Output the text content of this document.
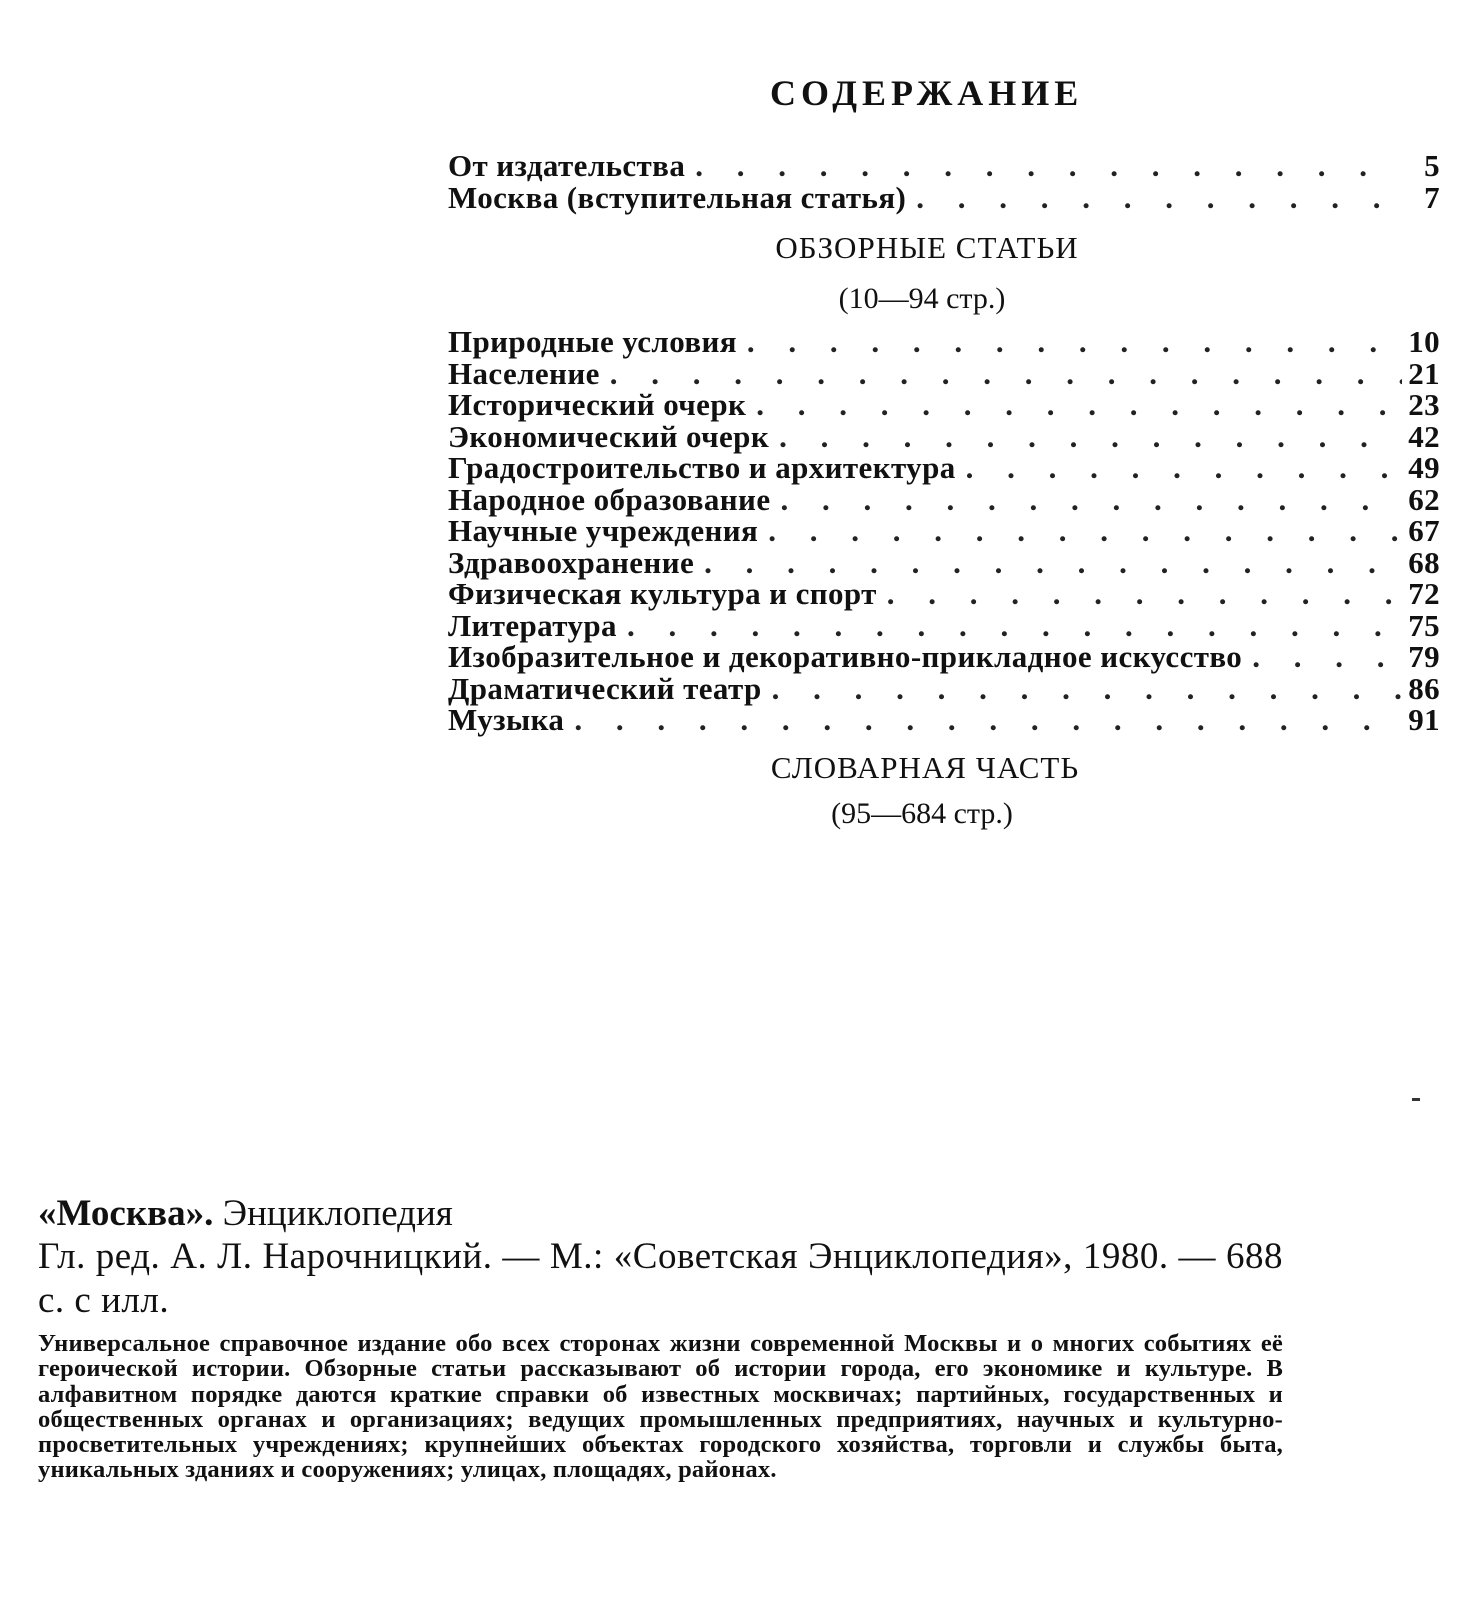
СОДЕРЖАНИЕ
От издательства . . .	5
Москва (вступительная статья) . . .	7
ОБЗОРНЫЕ СТАТЬИ
(10—94 стр.)
Природные условия . . .	10
Население . . .	21
Исторический очерк . . .	23
Экономический очерк . . .	42
Градостроительство и архитектура . . .	49
Народное образование . . .	62
Научные учреждения . . .	67
Здравоохранение . . .	68
Физическая культура и спорт . . .	72
Литература . . .	75
Изобразительное и декоративно-прикладное искусство . . .	79
Драматический театр . . .	86
Музыка . . .	91
СЛОВАРНАЯ ЧАСТЬ
(95—684 стр.)

«Москва». Энциклопедия

Гл. ред. А. Л. Нарочницкий. — М.: «Советская Энциклопедия», 1980. — 688 с. с илл.

Универсальное справочное издание обо всех сторонах жизни современной Москвы и о многих событиях её героической истории. Обзорные статьи рассказывают об истории города, его экономике и культуре. В алфавитном порядке даются краткие справки об известных москвичах; партийных, государственных и общественных органах и организациях; ведущих промышленных предприятиях, научных и культурно-просветительных учреждениях; крупнейших объектах городского хозяйства, торговли и службы быта, уникальных зданиях и сооружениях; улицах, площадях, районах.
